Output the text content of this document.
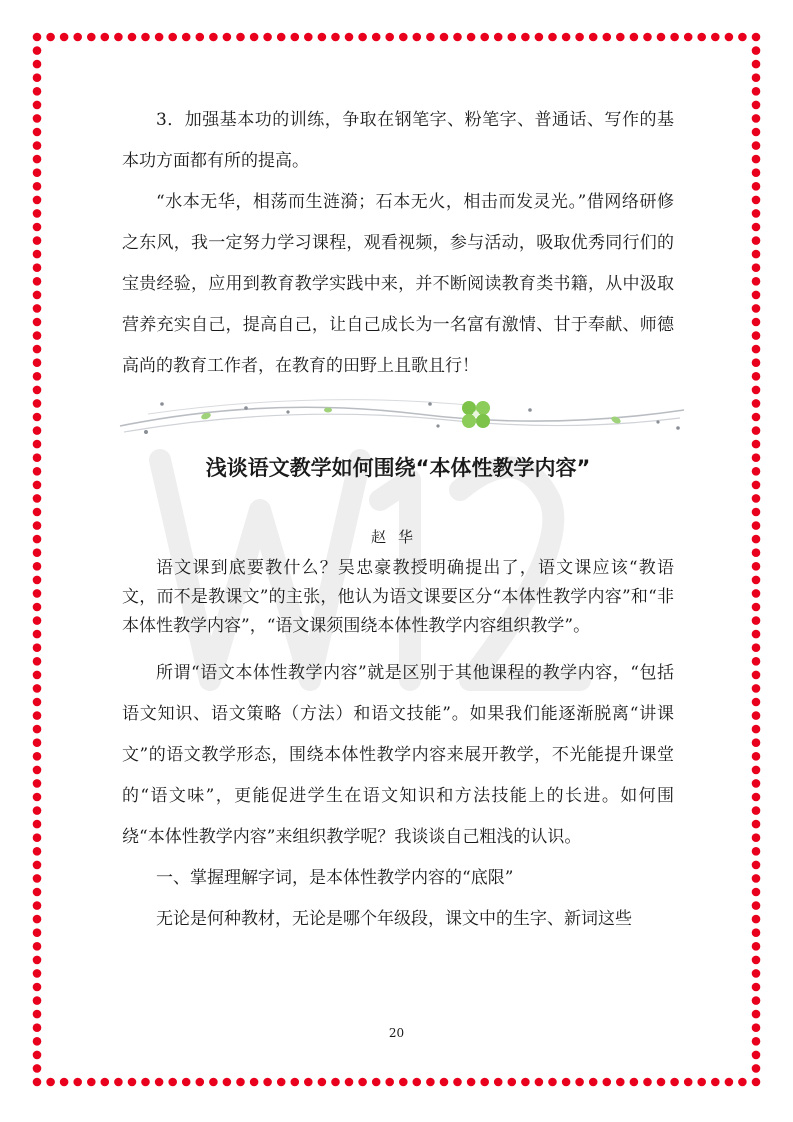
3．加强基本功的训练，争取在钢笔字、粉笔字、普通话、写作的基本功方面都有所的提高。

“水本无华，相荡而生涟漪；石本无火，相击而发灵光。”借网络研修之东风，我一定努力学习课程，观看视频，参与活动，吸取优秀同行们的宝贵经验，应用到教育教学实践中来，并不断阅读教育类书籍，从中汲取营养充实自己，提高自己，让自己成长为一名富有激情、甘于奉献、师德高尚的教育工作者，在教育的田野上且歌且行！

浅谈语文教学如何围绕“本体性教学内容”

赵华

语文课到底要教什么？吴忠豪教授明确提出了，语文课应该“教语文，而不是教课文”的主张，他认为语文课要区分“本体性教学内容”和“非本体性教学内容”，“语文课须围绕本体性教学内容组织教学”。

所谓“语文本体性教学内容”就是区别于其他课程的教学内容，“包括语文知识、语文策略（方法）和语文技能”。如果我们能逐渐脱离“讲课文”的语文教学形态，围绕本体性教学内容来展开教学，不光能提升课堂的“语文味”，更能促进学生在语文知识和方法技能上的长进。如何围绕“本体性教学内容”来组织教学呢？我谈谈自己粗浅的认识。

一、掌握理解字词，是本体性教学内容的“底限”

无论是何种教材，无论是哪个年级段，课文中的生字、新词这些

20
